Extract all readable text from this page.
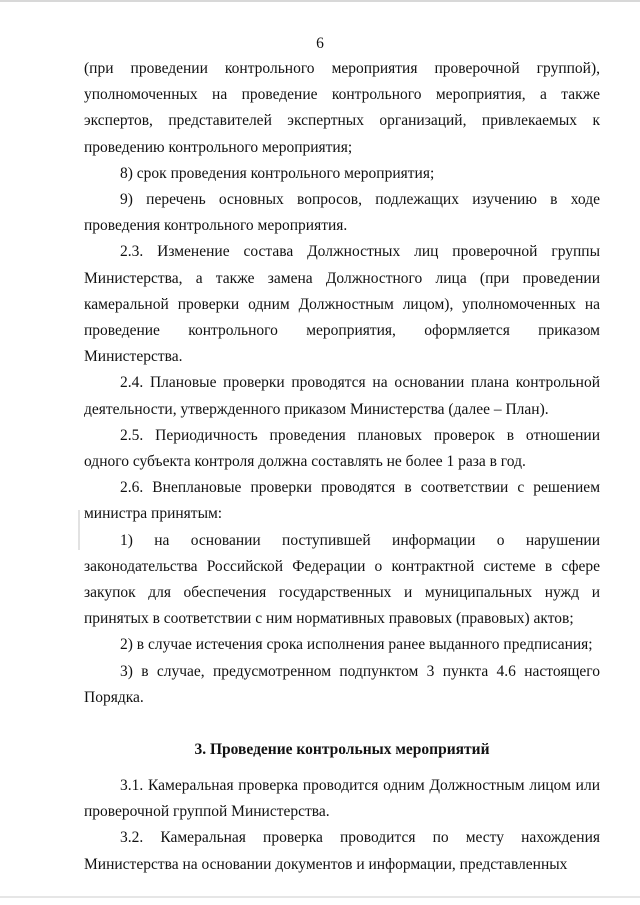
6

(при проведении контрольного мероприятия проверочной группой), уполномоченных на проведение контрольного мероприятия, а также экспертов, представителей экспертных организаций, привлекаемых к проведению контрольного мероприятия;

8) срок проведения контрольного мероприятия;

9) перечень основных вопросов, подлежащих изучению в ходе проведения контрольного мероприятия.

2.3. Изменение состава Должностных лиц проверочной группы Министерства, а также замена Должностного лица (при проведении камеральной проверки одним Должностным лицом), уполномоченных на проведение контрольного мероприятия, оформляется приказом Министерства.

2.4. Плановые проверки проводятся на основании плана контрольной деятельности, утвержденного приказом Министерства (далее – План).

2.5. Периодичность проведения плановых проверок в отношении одного субъекта контроля должна составлять не более 1 раза в год.

2.6. Внеплановые проверки проводятся в соответствии с решением министра принятым:

1) на основании поступившей информации о нарушении законодательства Российской Федерации о контрактной системе в сфере закупок для обеспечения государственных и муниципальных нужд и принятых в соответствии с ним нормативных правовых (правовых) актов;

2) в случае истечения срока исполнения ранее выданного предписания;

3) в случае, предусмотренном подпунктом 3 пункта 4.6 настоящего Порядка.

3. Проведение контрольных мероприятий

3.1. Камеральная проверка проводится одним Должностным лицом или проверочной группой Министерства.

3.2. Камеральная проверка проводится по месту нахождения Министерства на основании документов и информации, представленных
